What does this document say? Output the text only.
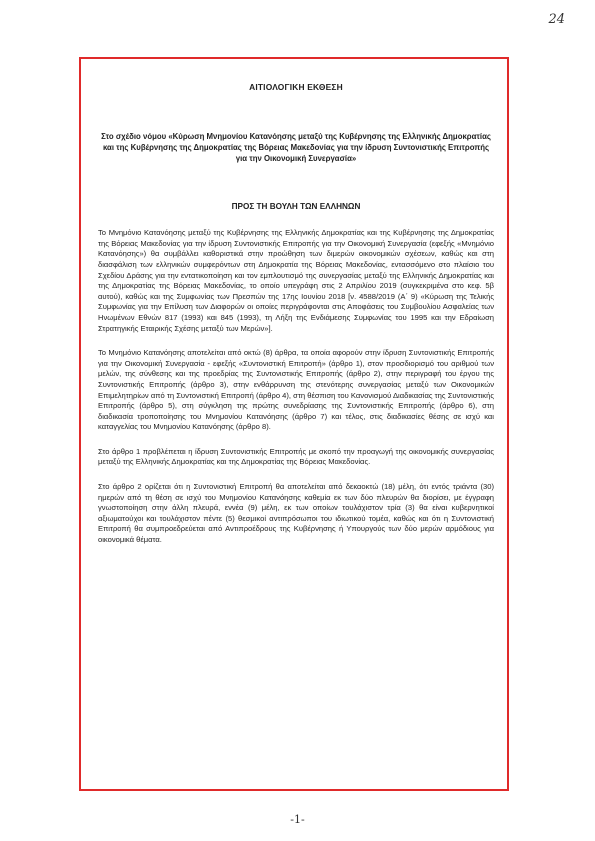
24

ΑΙΤΙΟΛΟΓΙΚΗ ΕΚΘΕΣΗ

Στο σχέδιο νόμου «Κύρωση Μνημονίου Κατανόησης μεταξύ της Κυβέρνησης της Ελληνικής Δημοκρατίας και της Κυβέρνησης της Δημοκρατίας της Βόρειας Μακεδονίας για την ίδρυση Συντονιστικής Επιτροπής για την Οικονομική Συνεργασία»

ΠΡΟΣ ΤΗ ΒΟΥΛΗ ΤΩΝ ΕΛΛΗΝΩΝ

Το Μνημόνιο Κατανόησης μεταξύ της Κυβέρνησης της Ελληνικής Δημοκρατίας και της Κυβέρνησης της Δημοκρατίας της Βόρειας Μακεδονίας για την ίδρυση Συντονιστικής Επιτροπής για την Οικονομική Συνεργασία (εφεξής «Μνημόνιο Κατανόησης») θα συμβάλλει καθοριστικά στην προώθηση των διμερών οικονομικών σχέσεων, καθώς και στη διασφάλιση των ελληνικών συμφερόντων στη Δημοκρατία της Βόρειας Μακεδονίας, εντασσόμενο στο πλαίσιο του Σχεδίου Δράσης για την εντατικοποίηση και τον εμπλουτισμό της συνεργασίας μεταξύ της Ελληνικής Δημοκρατίας και της Δημοκρατίας της Βόρειας Μακεδονίας, το οποίο υπεγράφη στις 2 Απριλίου 2019 (συγκεκριμένα στο κεφ. 5β αυτού), καθώς και της Συμφωνίας των Πρεσπών της 17ης Ιουνίου 2018 [ν. 4588/2019 (Α΄ 9) «Κύρωση της Τελικής Συμφωνίας για την Επίλυση των Διαφορών οι οποίες περιγράφονται στις Αποφάσεις του Συμβουλίου Ασφαλείας των Ηνωμένων Εθνών 817 (1993) και 845 (1993), τη Λήξη της Ενδιάμεσης Συμφωνίας του 1995 και την Εδραίωση Στρατηγικής Εταιρικής Σχέσης μεταξύ των Μερών»].

Το Μνημόνιο Κατανόησης αποτελείται από οκτώ (8) άρθρα, τα οποία αφορούν στην ίδρυση Συντονιστικής Επιτροπής για την Οικονομική Συνεργασία - εφεξής «Συντονιστική Επιτροπή» (άρθρο 1), στον προσδιορισμό του αριθμού των μελών, της σύνθεσης και της προεδρίας της Συντονιστικής Επιτροπής (άρθρο 2), στην περιγραφή του έργου της Συντονιστικής Επιτροπής (άρθρο 3), στην ενθάρρυνση της στενότερης συνεργασίας μεταξύ των Οικονομικών Επιμελητηρίων από τη Συντονιστική Επιτροπή (άρθρο 4), στη θέσπιση του Κανονισμού Διαδικασίας της Συντονιστικής Επιτροπής (άρθρο 5), στη σύγκληση της πρώτης συνεδρίασης της Συντονιστικής Επιτροπής (άρθρο 6), στη διαδικασία τροποποίησης του Μνημονίου Κατανόησης (άρθρο 7) και τέλος, στις διαδικασίες θέσης σε ισχύ και καταγγελίας του Μνημονίου Κατανόησης (άρθρο 8).

Στο άρθρο 1 προβλέπεται η ίδρυση Συντονιστικής Επιτροπής με σκοπό την προαγωγή της οικονομικής συνεργασίας μεταξύ της Ελληνικής Δημοκρατίας και της Δημοκρατίας της Βόρειας Μακεδονίας.

Στο άρθρο 2 ορίζεται ότι η Συντονιστική Επιτροπή θα αποτελείται από δεκαοκτώ (18) μέλη, ότι εντός τριάντα (30) ημερών από τη θέση σε ισχύ του Μνημονίου Κατανόησης καθεμία εκ των δύο πλευρών θα διορίσει, με έγγραφη γνωστοποίηση στην άλλη πλευρά, εννέα (9) μέλη, εκ των οποίων τουλάχιστον τρία (3) θα είναι κυβερνητικοί αξιωματούχοι και τουλάχιστον πέντε (5) θεσμικοί αντιπρόσωποι του ιδιωτικού τομέα, καθώς και ότι η Συντονιστική Επιτροπή θα συμπροεδρεύεται από Αντιπροέδρους της Κυβέρνησης ή Υπουργούς των δύο μερών αρμόδιους για οικονομικά θέματα.

-1-
